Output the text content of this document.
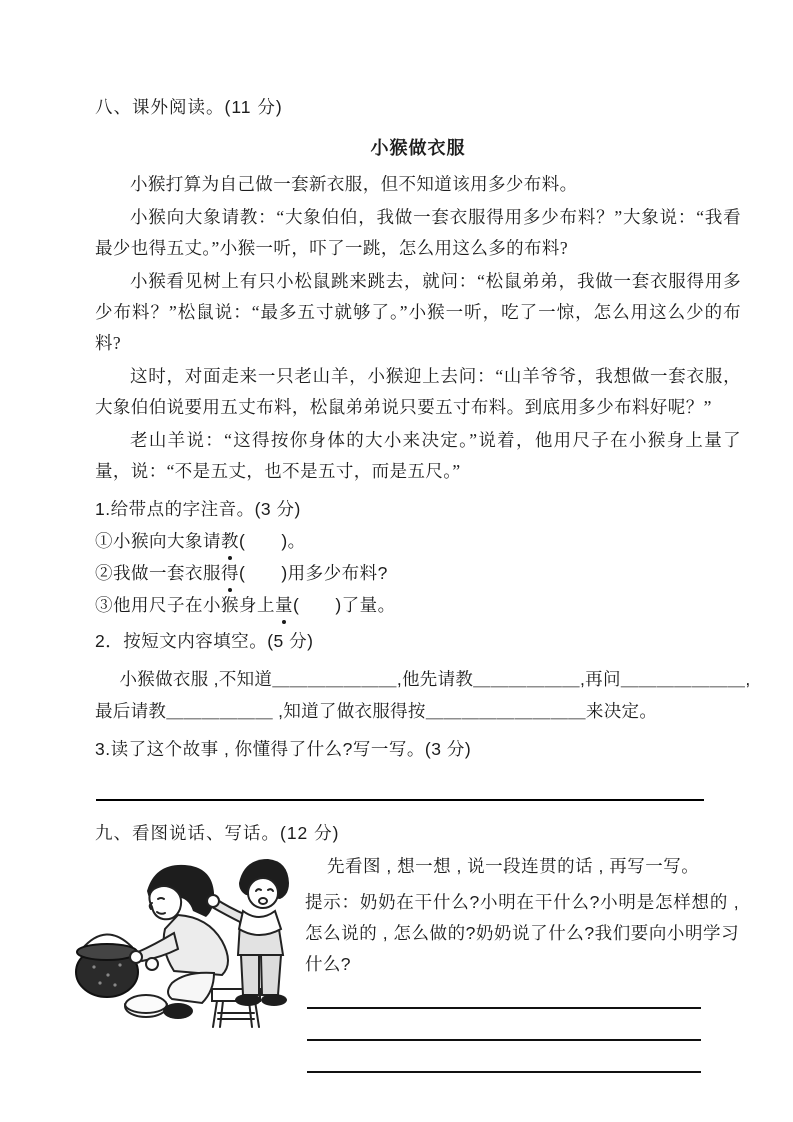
八、课外阅读。(11 分)
小猴做衣服

小猴打算为自己做一套新衣服，但不知道该用多少布料。

小猴向大象请教：“大象伯伯，我做一套衣服得用多少布料？”大象说：“我看最少也得五丈。”小猴一听，吓了一跳，怎么用这么多的布料?

小猴看见树上有只小松鼠跳来跳去，就问：“松鼠弟弟，我做一套衣服得用多少布料？”松鼠说：“最多五寸就够了。”小猴一听，吃了一惊，怎么用这么少的布料?

这时，对面走来一只老山羊，小猴迎上去问：“山羊爷爷，我想做一套衣服，大象伯伯说要用五丈布料，松鼠弟弟说只要五寸布料。到底用多少布料好呢？”

老山羊说：“这得按你身体的大小来决定。”说着，他用尺子在小猴身上量了量，说：“不是五丈，也不是五寸，而是五尺。”

1.给带点的字注音。(3 分)
①小猴向大象请教(　　)。
②我做一套衣服得(　　)用多少布料?
③他用尺子在小猴身上量(　　)了量。
2．按短文内容填空。(5 分)

小猴做衣服 ,不知道＿＿＿＿＿＿＿,他先请教＿＿＿＿＿＿,再问＿＿＿＿＿＿＿,

最后请教＿＿＿＿＿＿ ,知道了做衣服得按＿＿＿＿＿＿＿＿＿来决定。

3.读了这个故事 , 你懂得了什么?写一写。(3 分)
九、看图说话、写话。(12 分)
先看图 , 想一想 , 说一段连贯的话 , 再写一写。
提示：奶奶在干什么?小明在干什么?小明是怎样想的 , 怎么说的 , 怎么做的?奶奶说了什么?我们要向小明学习什么?
